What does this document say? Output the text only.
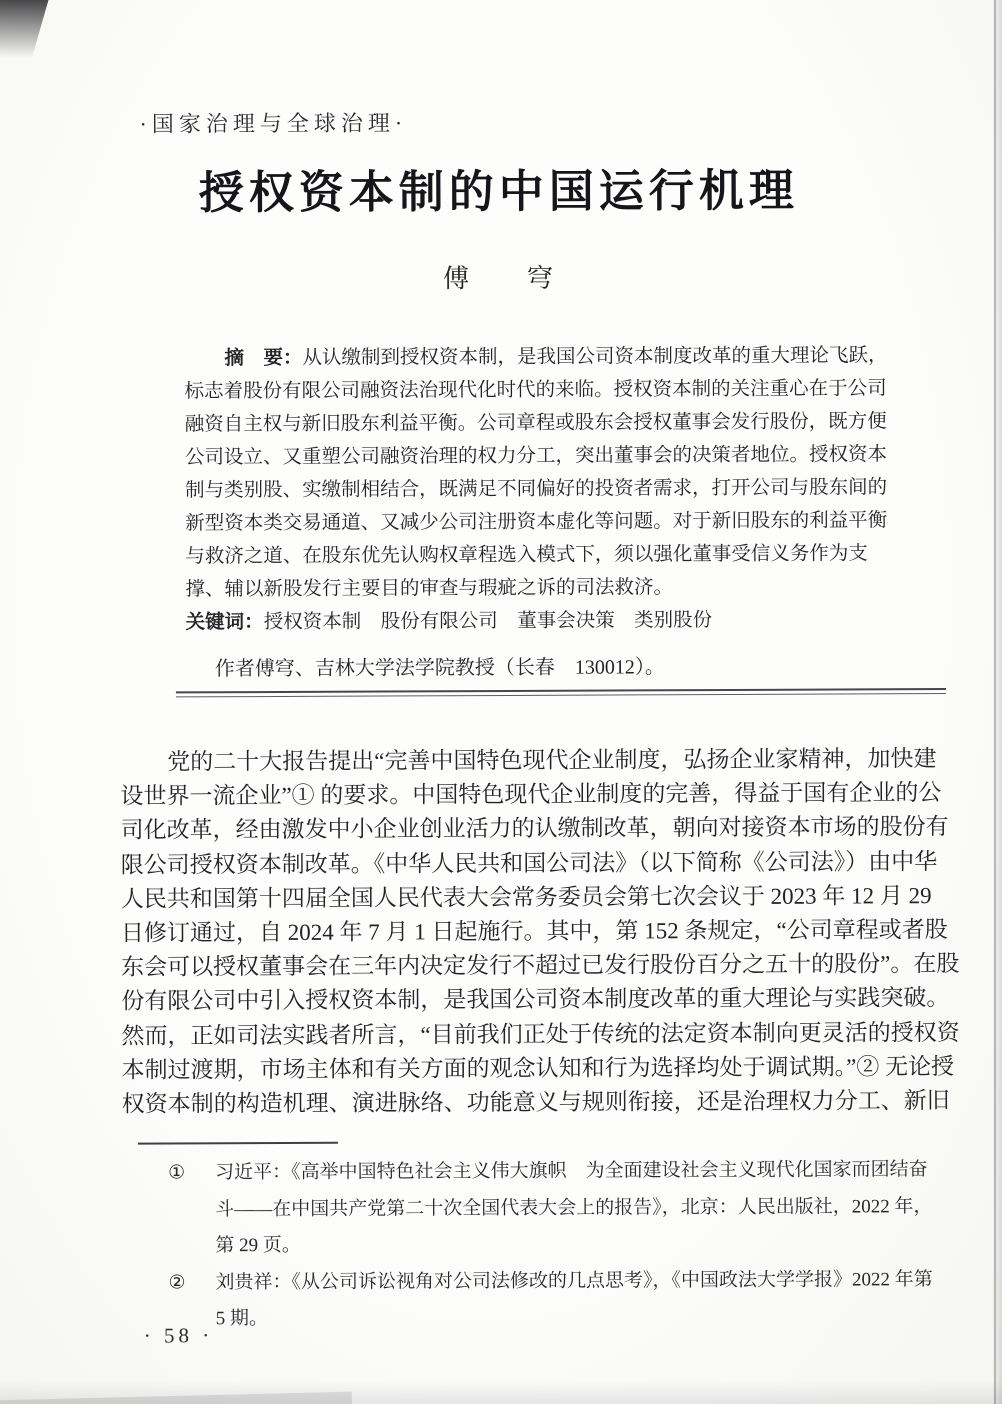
·国家治理与全球治理·
授权资本制的中国运行机理
傅　　穹
摘　要：从认缴制到授权资本制，是我国公司资本制度改革的重大理论飞跃，
标志着股份有限公司融资法治现代化时代的来临。授权资本制的关注重心在于公司
融资自主权与新旧股东利益平衡。公司章程或股东会授权董事会发行股份，既方便
公司设立、又重塑公司融资治理的权力分工，突出董事会的决策者地位。授权资本
制与类别股、实缴制相结合，既满足不同偏好的投资者需求，打开公司与股东间的
新型资本类交易通道、又减少公司注册资本虚化等问题。对于新旧股东的利益平衡
与救济之道、在股东优先认购权章程选入模式下，须以强化董事受信义务作为支
撑、辅以新股发行主要目的审查与瑕疵之诉的司法救济。
关键词：授权资本制　股份有限公司　董事会决策　类别股份
作者傅穹、吉林大学法学院教授（长春　130012）。
党的二十大报告提出“完善中国特色现代企业制度，弘扬企业家精神，加快建
设世界一流企业”① 的要求。中国特色现代企业制度的完善，得益于国有企业的公
司化改革，经由激发中小企业创业活力的认缴制改革，朝向对接资本市场的股份有
限公司授权资本制改革。《中华人民共和国公司法》（以下简称《公司法》）由中华
人民共和国第十四届全国人民代表大会常务委员会第七次会议于 2023 年 12 月 29
日修订通过，自 2024 年 7 月 1 日起施行。其中，第 152 条规定，“公司章程或者股
东会可以授权董事会在三年内决定发行不超过已发行股份百分之五十的股份”。在股
份有限公司中引入授权资本制，是我国公司资本制度改革的重大理论与实践突破。
然而，正如司法实践者所言，“目前我们正处于传统的法定资本制向更灵活的授权资
本制过渡期，市场主体和有关方面的观念认知和行为选择均处于调试期。”② 无论授
权资本制的构造机理、演进脉络、功能意义与规则衔接，还是治理权力分工、新旧
①	习近平：《高举中国特色社会主义伟大旗帜　为全面建设社会主义现代化国家而团结奋
斗——在中国共产党第二十次全国代表大会上的报告》，北京：人民出版社，2022 年，
第 29 页。
②	刘贵祥：《从公司诉讼视角对公司法修改的几点思考》，《中国政法大学学报》2022 年第
5 期。
· 58 ·
